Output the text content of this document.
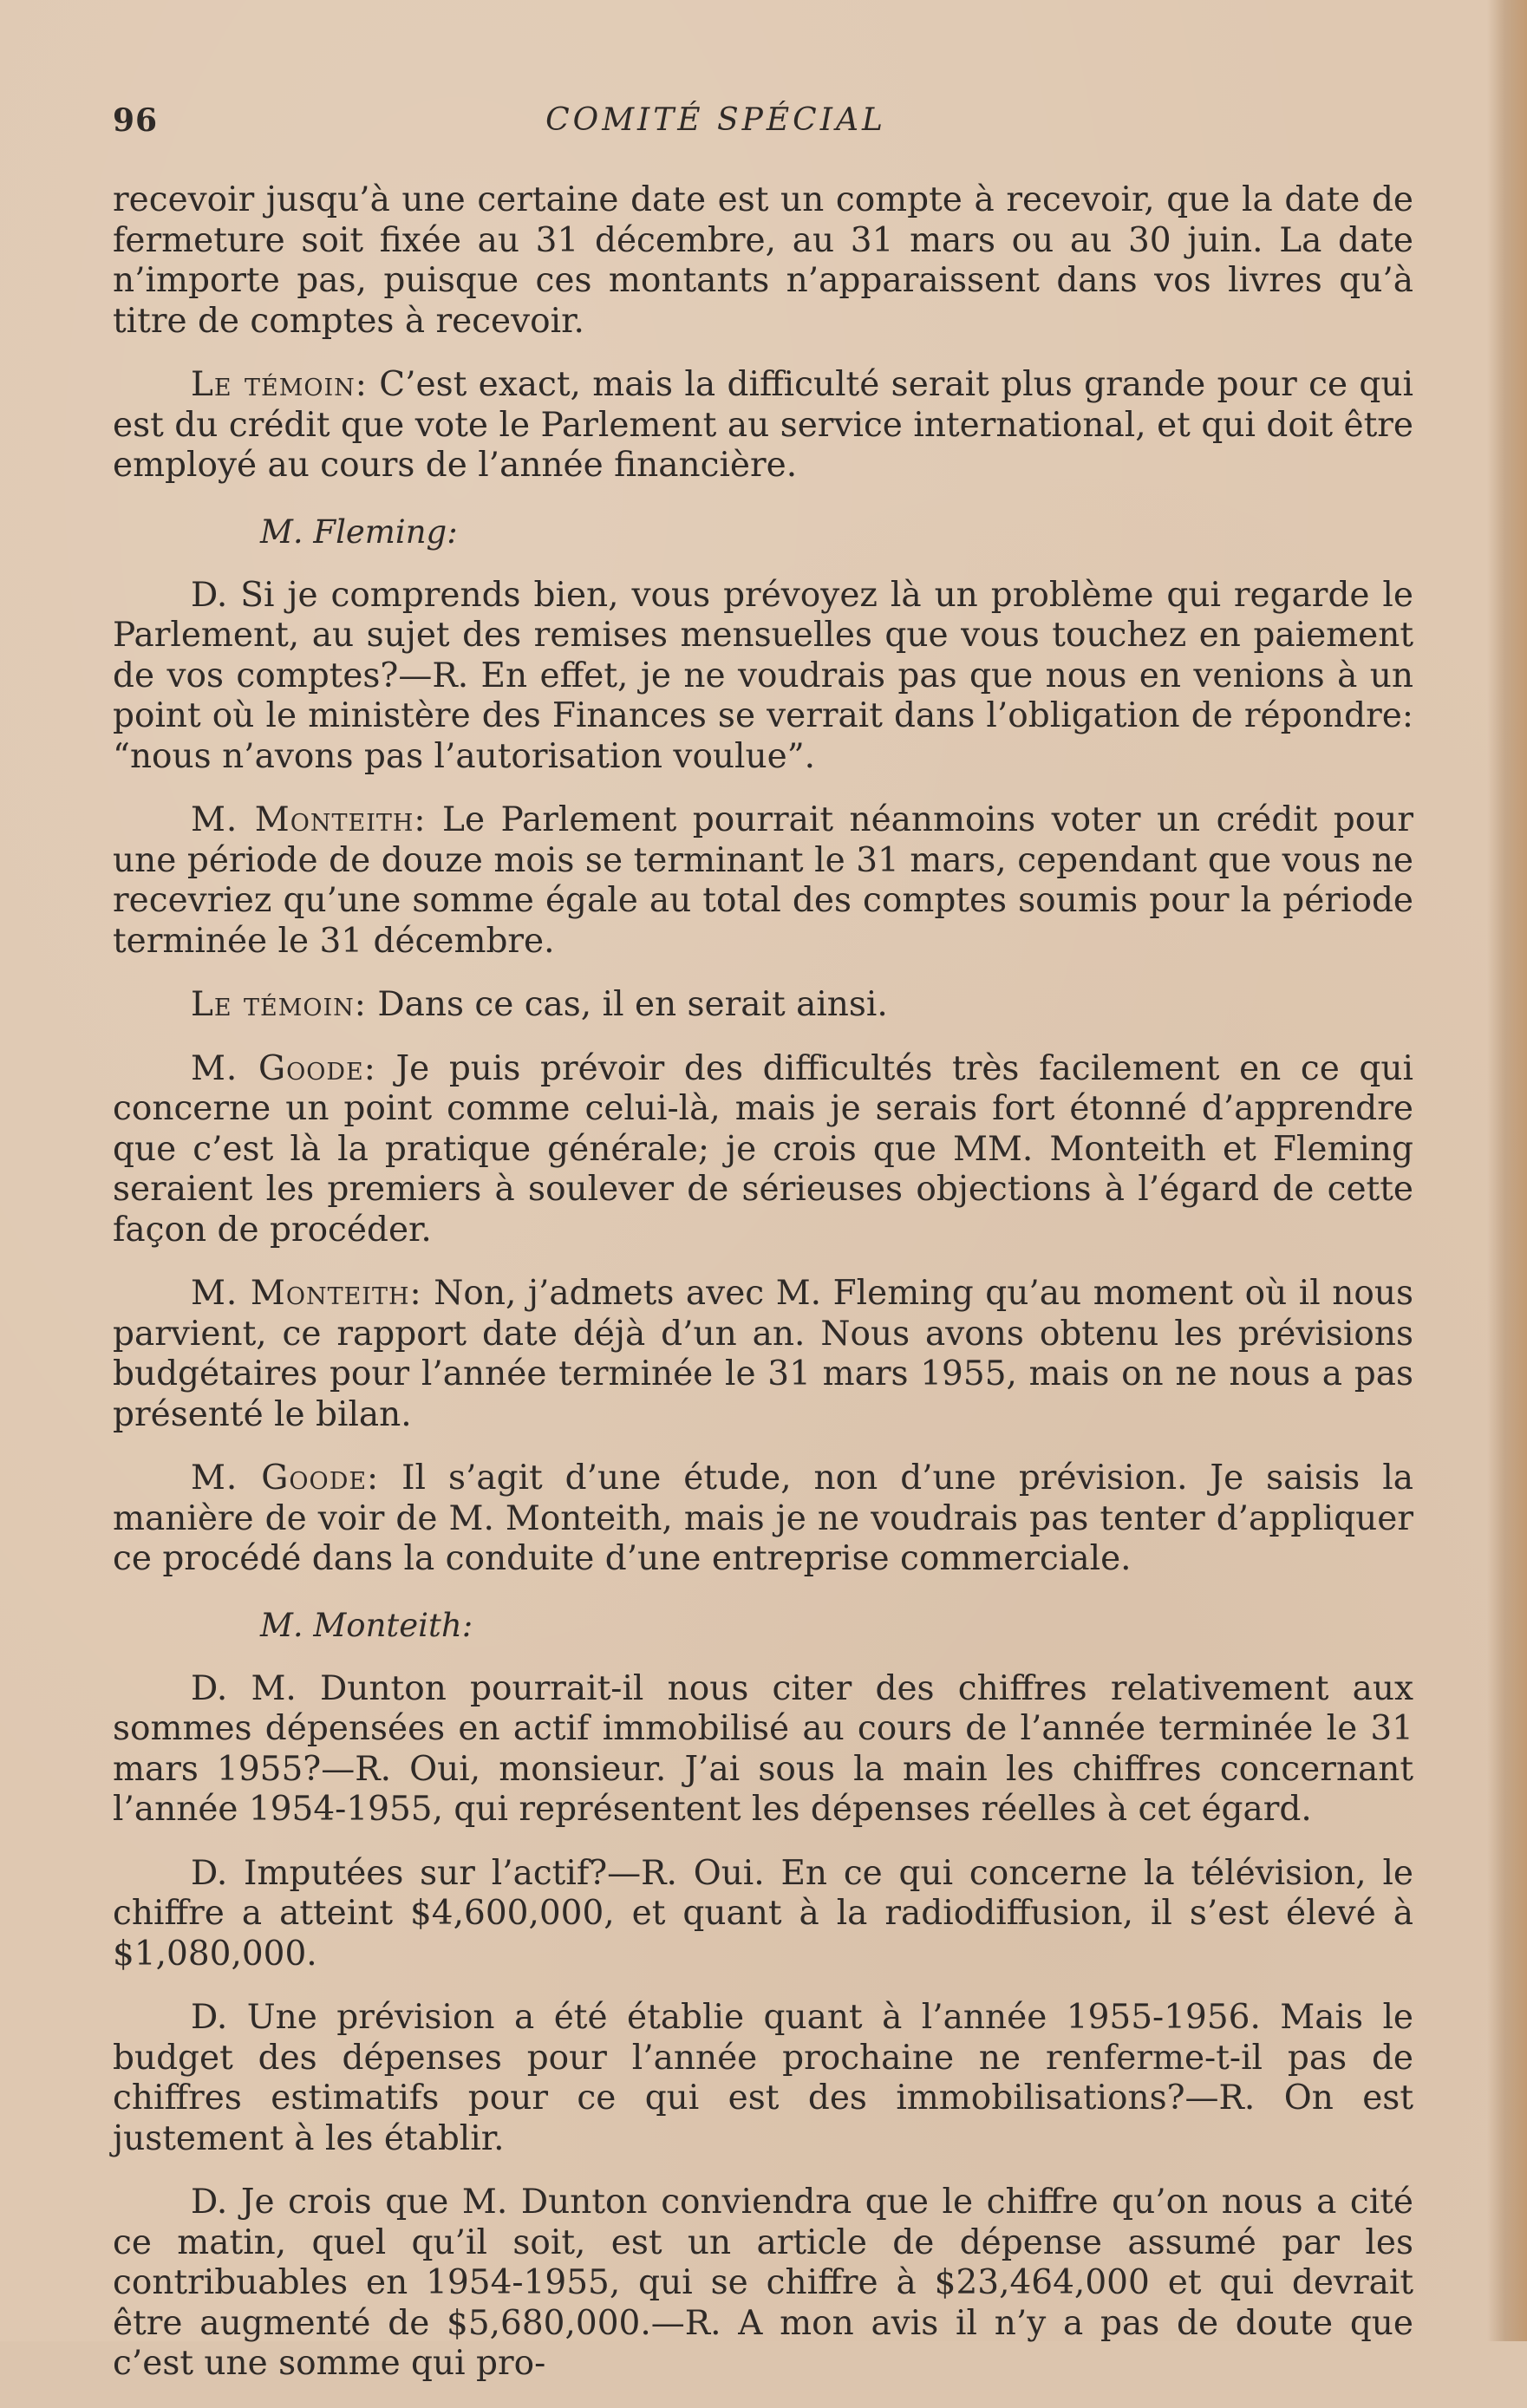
96	COMITÉ SPÉCIAL

recevoir jusqu’à une certaine date est un compte à recevoir, que la date de fermeture soit fixée au 31 décembre, au 31 mars ou au 30 juin. La date n’importe pas, puisque ces montants n’apparaissent dans vos livres qu’à titre de comptes à recevoir.

Le témoin: C’est exact, mais la difficulté serait plus grande pour ce qui est du crédit que vote le Parlement au service international, et qui doit être employé au cours de l’année financière.

M. Fleming:

D. Si je comprends bien, vous prévoyez là un problème qui regarde le Parlement, au sujet des remises mensuelles que vous touchez en paiement de vos comptes?—R. En effet, je ne voudrais pas que nous en venions à un point où le ministère des Finances se verrait dans l’obligation de répondre: “nous n’avons pas l’autorisation voulue”.

M. Monteith: Le Parlement pourrait néanmoins voter un crédit pour une période de douze mois se terminant le 31 mars, cependant que vous ne recevriez qu’une somme égale au total des comptes soumis pour la période terminée le 31 décembre.

Le témoin: Dans ce cas, il en serait ainsi.

M. Goode: Je puis prévoir des difficultés très facilement en ce qui concerne un point comme celui-là, mais je serais fort étonné d’apprendre que c’est là la pratique générale; je crois que MM. Monteith et Fleming seraient les premiers à soulever de sérieuses objections à l’égard de cette façon de procéder.

M. Monteith: Non, j’admets avec M. Fleming qu’au moment où il nous parvient, ce rapport date déjà d’un an. Nous avons obtenu les prévisions budgétaires pour l’année terminée le 31 mars 1955, mais on ne nous a pas présenté le bilan.

M. Goode: Il s’agit d’une étude, non d’une prévision. Je saisis la manière de voir de M. Monteith, mais je ne voudrais pas tenter d’appliquer ce procédé dans la conduite d’une entreprise commerciale.

M. Monteith:

D. M. Dunton pourrait-il nous citer des chiffres relativement aux sommes dépensées en actif immobilisé au cours de l’année terminée le 31 mars 1955?—R. Oui, monsieur. J’ai sous la main les chiffres concernant l’année 1954-1955, qui représentent les dépenses réelles à cet égard.

D. Imputées sur l’actif?—R. Oui. En ce qui concerne la télévision, le chiffre a atteint $4,600,000, et quant à la radiodiffusion, il s’est élevé à $1,080,000.

D. Une prévision a été établie quant à l’année 1955-1956. Mais le budget des dépenses pour l’année prochaine ne renferme-t-il pas de chiffres estimatifs pour ce qui est des immobilisations?—R. On est justement à les établir.

D. Je crois que M. Dunton conviendra que le chiffre qu’on nous a cité ce matin, quel qu’il soit, est un article de dépense assumé par les contribuables en 1954-1955, qui se chiffre à $23,464,000 et qui devrait être augmenté de $5,680,000.—R. A mon avis il n’y a pas de doute que c’est une somme qui pro-
